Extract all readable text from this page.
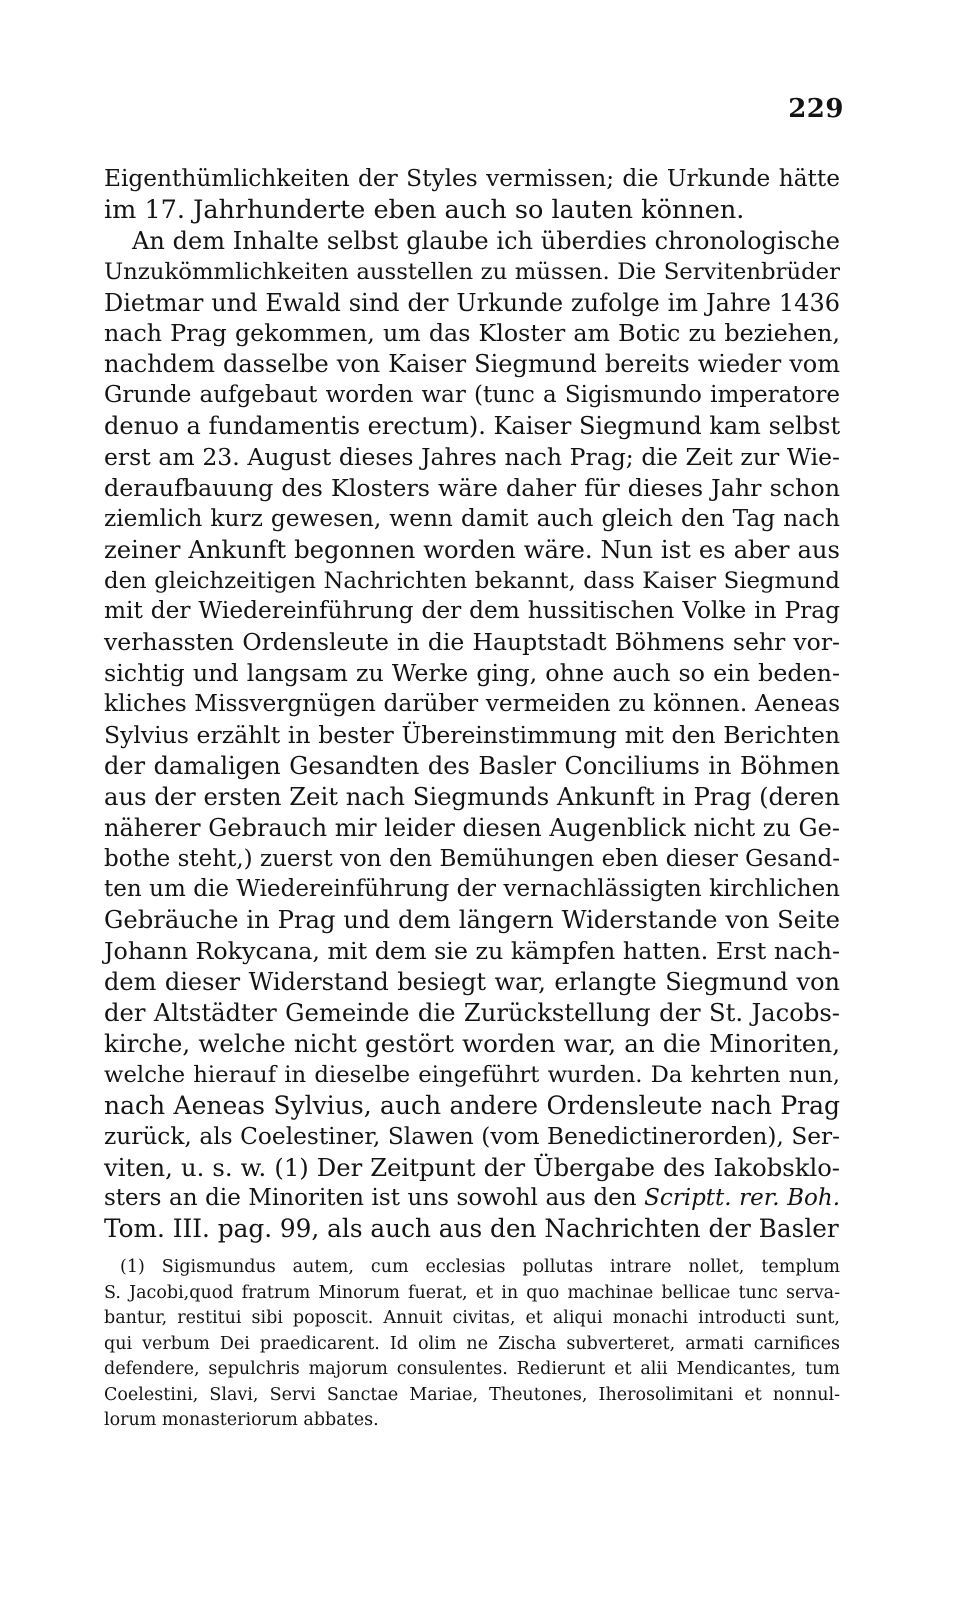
229
Eigenthümlichkeiten der Styles vermissen; die Urkunde hätte
im 17. Jahrhunderte eben auch so lauten können.
An dem Inhalte selbst glaube ich überdies chronologische
Unzukömmlichkeiten ausstellen zu müssen. Die Servitenbrüder
Dietmar und Ewald sind der Urkunde zufolge im Jahre 1436
nach Prag gekommen, um das Kloster am Botic zu beziehen,
nachdem dasselbe von Kaiser Siegmund bereits wieder vom
Grunde aufgebaut worden war (tunc a Sigismundo imperatore
denuo a fundamentis erectum). Kaiser Siegmund kam selbst
erst am 23. August dieses Jahres nach Prag; die Zeit zur Wie-
deraufbauung des Klosters wäre daher für dieses Jahr schon
ziemlich kurz gewesen, wenn damit auch gleich den Tag nach
zeiner Ankunft begonnen worden wäre. Nun ist es aber aus
den gleichzeitigen Nachrichten bekannt, dass Kaiser Siegmund
mit der Wiedereinführung der dem hussitischen Volke in Prag
verhassten Ordensleute in die Hauptstadt Böhmens sehr vor-
sichtig und langsam zu Werke ging, ohne auch so ein beden-
kliches Missvergnügen darüber vermeiden zu können. Aeneas
Sylvius erzählt in bester Übereinstimmung mit den Berichten
der damaligen Gesandten des Basler Conciliums in Böhmen
aus der ersten Zeit nach Siegmunds Ankunft in Prag (deren
näherer Gebrauch mir leider diesen Augenblick nicht zu Ge-
bothe steht,) zuerst von den Bemühungen eben dieser Gesand-
ten um die Wiedereinführung der vernachlässigten kirchlichen
Gebräuche in Prag und dem längern Widerstande von Seite
Johann Rokycana, mit dem sie zu kämpfen hatten. Erst nach-
dem dieser Widerstand besiegt war, erlangte Siegmund von
der Altstädter Gemeinde die Zurückstellung der St. Jacobs-
kirche, welche nicht gestört worden war, an die Minoriten,
welche hierauf in dieselbe eingeführt wurden. Da kehrten nun,
nach Aeneas Sylvius, auch andere Ordensleute nach Prag
zurück, als Coelestiner, Slawen (vom Benedictinerorden), Ser-
viten, u. s. w. (1) Der Zeitpunt der Übergabe des Iakobsklo-
sters an die Minoriten ist uns sowohl aus den Scriptt. rer. Boh.
Tom. III. pag. 99, als auch aus den Nachrichten der Basler
(1) Sigismundus autem, cum ecclesias pollutas intrare nollet, templum
S. Jacobi,quod fratrum Minorum fuerat, et in quo machinae bellicae tunc serva-
bantur, restitui sibi poposcit. Annuit civitas, et aliqui monachi introducti sunt,
qui verbum Dei praedicarent. Id olim ne Zischa subverteret, armati carnifices
defendere, sepulchris majorum consulentes. Redierunt et alii Mendicantes, tum
Coelestini, Slavi, Servi Sanctae Mariae, Theutones, Iherosolimitani et nonnul-
lorum monasteriorum abbates.
